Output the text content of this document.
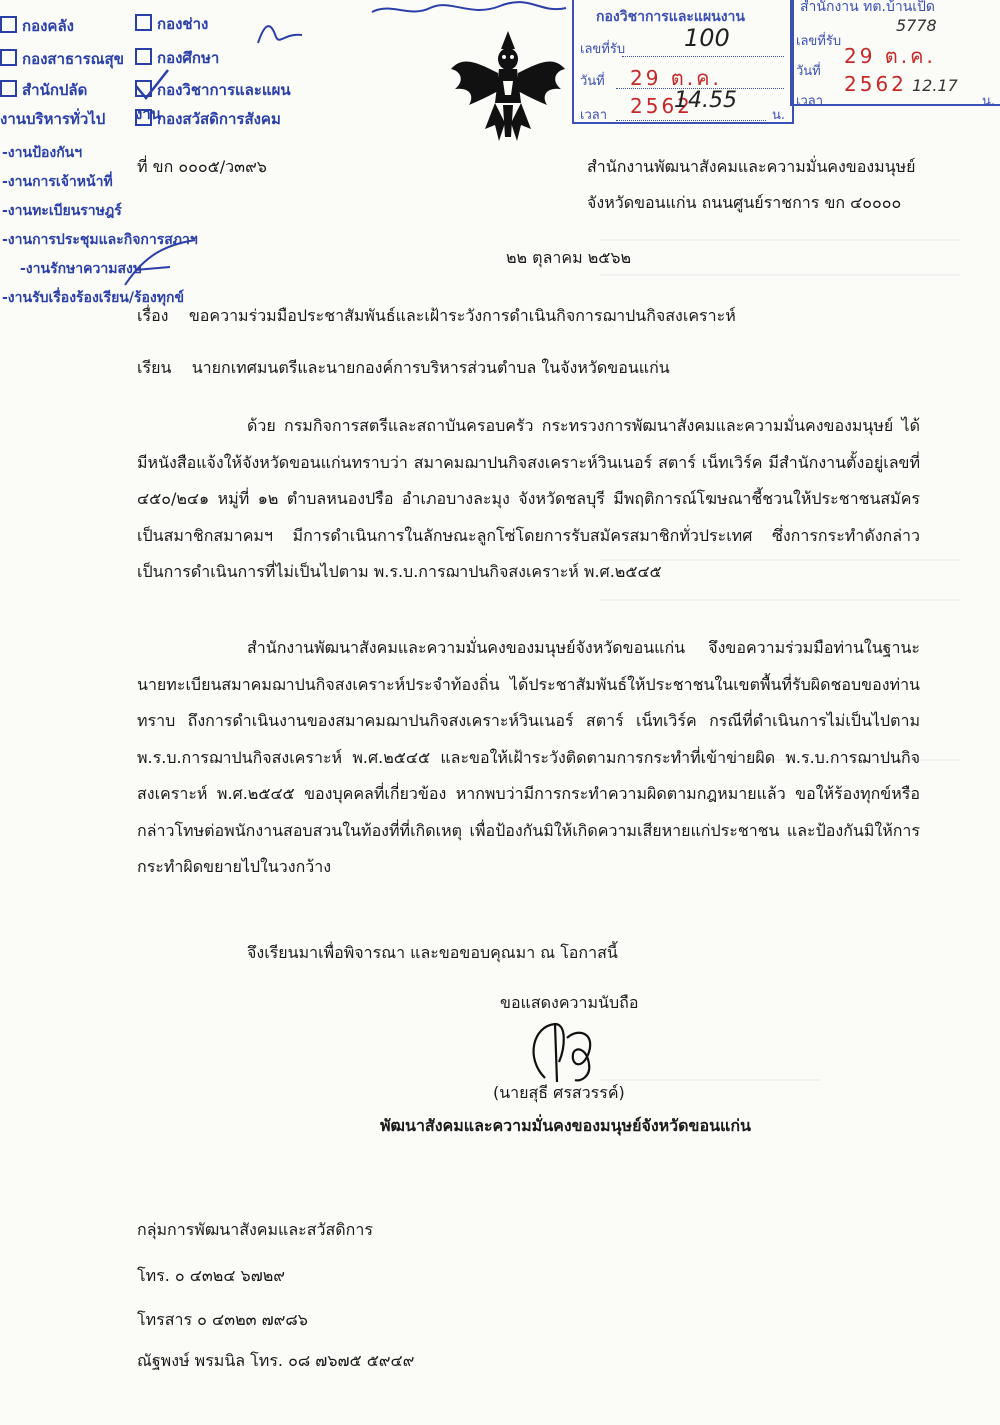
กองคลัง	กองช่าง
กองสาธารณสุข	กองศึกษา
สำนักปลัด	กองวิชาการและแผนงาน
งานบริหารทั่วไป	กองสวัสดิการสังคม
-งานป้องกันฯ
-งานการเจ้าหน้าที่
-งานทะเบียนราษฎร์
-งานการประชุมและกิจการสภาฯ
-งานรักษาความสงบ
-งานรับเรื่องร้องเรียน/ร้องทุกข์
กองวิชาการและแผนงาน
เลขที่รับ 100
วันที่ 29 ต.ค. 2562
เวลา
14.55
น.
สำนักงาน ทต.บ้านเป็ด
เลขที่รับ
5778
วันที่
29 ต.ค. 2562
เวลา
12.17
น.
ที่ ขก ๐๐๐๕/ว๓๙๖	สำนักงานพัฒนาสังคมและความมั่นคงของมนุษย์
จังหวัดขอนแก่น ถนนศูนย์ราชการ ขก ๔๐๐๐๐
๒๒ ตุลาคม ๒๕๖๒
เรื่อง ขอความร่วมมือประชาสัมพันธ์และเฝ้าระวังการดำเนินกิจการฌาปนกิจสงเคราะห์
เรียน นายกเทศมนตรีและนายกองค์การบริหารส่วนตำบล ในจังหวัดขอนแก่น
ด้วย กรมกิจการสตรีและสถาบันครอบครัว กระทรวงการพัฒนาสังคมและความมั่นคงของมนุษย์ ได้มีหนังสือแจ้งให้จังหวัดขอนแก่นทราบว่า สมาคมฌาปนกิจสงเคราะห์วินเนอร์ สตาร์ เน็ทเวิร์ค มีสำนักงานตั้งอยู่เลขที่ ๔๕๐/๒๔๑ หมู่ที่ ๑๒ ตำบลหนองปรือ อำเภอบางละมุง จังหวัดชลบุรี มีพฤติการณ์โฆษณาชี้ชวนให้ประชาชนสมัครเป็นสมาชิกสมาคมฯ มีการดำเนินการในลักษณะลูกโซ่โดยการรับสมัครสมาชิกทั่วประเทศ ซึ่งการกระทำดังกล่าวเป็นการดำเนินการที่ไม่เป็นไปตาม พ.ร.บ.การฌาปนกิจสงเคราะห์ พ.ศ.๒๕๔๕
สำนักงานพัฒนาสังคมและความมั่นคงของมนุษย์จังหวัดขอนแก่น จึงขอความร่วมมือท่านในฐานะนายทะเบียนสมาคมฌาปนกิจสงเคราะห์ประจำท้องถิ่น ได้ประชาสัมพันธ์ให้ประชาชนในเขตพื้นที่รับผิดชอบของท่านทราบ ถึงการดำเนินงานของสมาคมฌาปนกิจสงเคราะห์วินเนอร์ สตาร์ เน็ทเวิร์ค กรณีที่ดำเนินการไม่เป็นไปตาม พ.ร.บ.การฌาปนกิจสงเคราะห์ พ.ศ.๒๕๔๕ และขอให้เฝ้าระวังติดตามการกระทำที่เข้าข่ายผิด พ.ร.บ.การฌาปนกิจสงเคราะห์ พ.ศ.๒๕๔๕ ของบุคคลที่เกี่ยวข้อง หากพบว่ามีการกระทำความผิดตามกฎหมายแล้ว ขอให้ร้องทุกข์หรือกล่าวโทษต่อพนักงานสอบสวนในท้องที่ที่เกิดเหตุ เพื่อป้องกันมิให้เกิดความเสียหายแก่ประชาชน และป้องกันมิให้การกระทำผิดขยายไปในวงกว้าง
จึงเรียนมาเพื่อพิจารณา และขอขอบคุณมา ณ โอกาสนี้
ขอแสดงความนับถือ
(นายสุธี ศรสวรรค์)
พัฒนาสังคมและความมั่นคงของมนุษย์จังหวัดขอนแก่น
กลุ่มการพัฒนาสังคมและสวัสดิการ
โทร. ๐ ๔๓๒๔ ๖๗๒๙
โทรสาร ๐ ๔๓๒๓ ๗๙๘๖
ณัฐพงษ์ พรมนิล โทร. ๐๘ ๗๖๗๕ ๕๙๔๙
